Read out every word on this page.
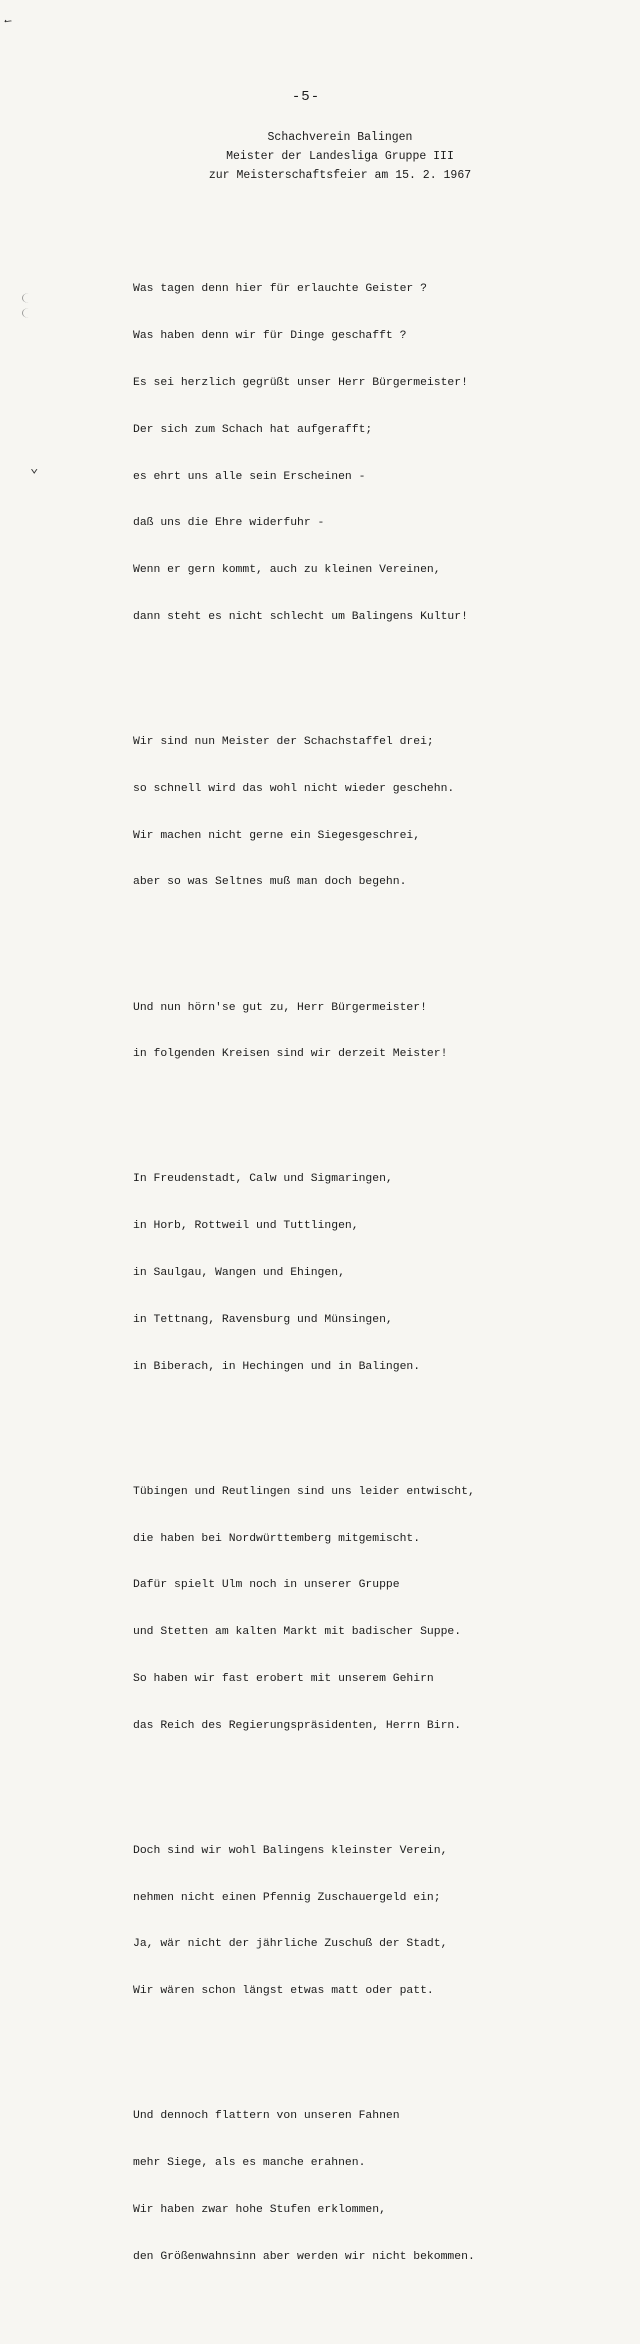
✓
⌄
-5-
Schachverein Balingen
Meister der Landesliga Gruppe III
zur Meisterschaftsfeier am 15. 2. 1967

Was tagen denn hier für erlauchte Geister ?

Was haben denn wir für Dinge geschafft ?

Es sei herzlich gegrüßt unser Herr Bürgermeister!

Der sich zum Schach hat aufgerafft;

es ehrt uns alle sein Erscheinen -

daß uns die Ehre widerfuhr -

Wenn er gern kommt, auch zu kleinen Vereinen,

dann steht es nicht schlecht um Balingens Kultur!

Wir sind nun Meister der Schachstaffel drei;

so schnell wird das wohl nicht wieder geschehn.

Wir machen nicht gerne ein Siegesgeschrei,

aber so was Seltnes muß man doch begehn.

Und nun hörn'se gut zu, Herr Bürgermeister!

in folgenden Kreisen sind wir derzeit Meister!

In Freudenstadt, Calw und Sigmaringen,

in Horb, Rottweil und Tuttlingen,

in Saulgau, Wangen und Ehingen,

in Tettnang, Ravensburg und Münsingen,

in Biberach, in Hechingen und in Balingen.

Tübingen und Reutlingen sind uns leider entwischt,

die haben bei Nordwürttemberg mitgemischt.

Dafür spielt Ulm noch in unserer Gruppe

und Stetten am kalten Markt mit badischer Suppe.

So haben wir fast erobert mit unserem Gehirn

das Reich des Regierungspräsidenten, Herrn Birn.

Doch sind wir wohl Balingens kleinster Verein,

nehmen nicht einen Pfennig Zuschauergeld ein;

Ja, wär nicht der jährliche Zuschuß der Stadt,

Wir wären schon längst etwas matt oder patt.

Und dennoch flattern von unseren Fahnen

mehr Siege, als es manche erahnen.

Wir haben zwar hohe Stufen erklommen,

den Größenwahnsinn aber werden wir nicht bekommen.
